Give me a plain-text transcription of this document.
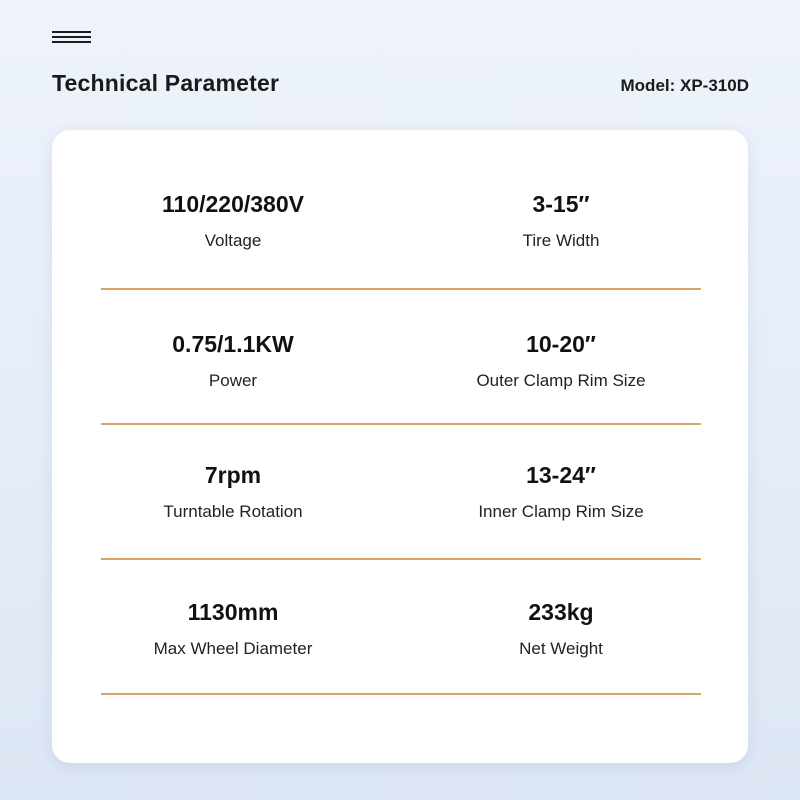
Technical Parameter	Model: XP-310D
110/220/380V
Voltage
3-15″
Tire Width
0.75/1.1KW
Power
10-20″
Outer Clamp Rim Size
7rpm
Turntable Rotation
13-24″
Inner Clamp Rim Size
1130mm
Max Wheel Diameter
233kg
Net Weight
